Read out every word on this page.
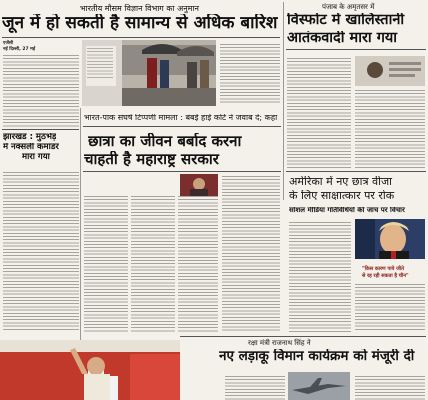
भारतीय मौसम विज्ञान विभाग का अनुमान
जून में हो सकती है सामान्य से अधिक बारिश
एजेंसी
नई दिल्ली, 27 मई
पंजाब के अमृतसर में
विस्फोट में खालिस्तानी
आतंकवादी मारा गया
झारखंड : मुठभेड़
में नक्सली कमांडर
मारा गया
भारत-पाक संघर्ष टिप्पणी मामला : बंबई हाई कोर्ट ने जवाब दे; कहा
छात्रा का जीवन बर्बाद करना
चाहती है महाराष्ट्र सरकार
अमेरिका में नए छात्र वीजा
के लिए साक्षात्कार पर रोक
सोशल मीडिया गतिविधियों की जांच पर विचार
"किस कारण पाये जीते
से रह रही सकता है चीन"
रक्षा मंत्री राजनाथ सिंह ने
नए लड़ाकू विमान कार्यक्रम को मंजूरी दी
